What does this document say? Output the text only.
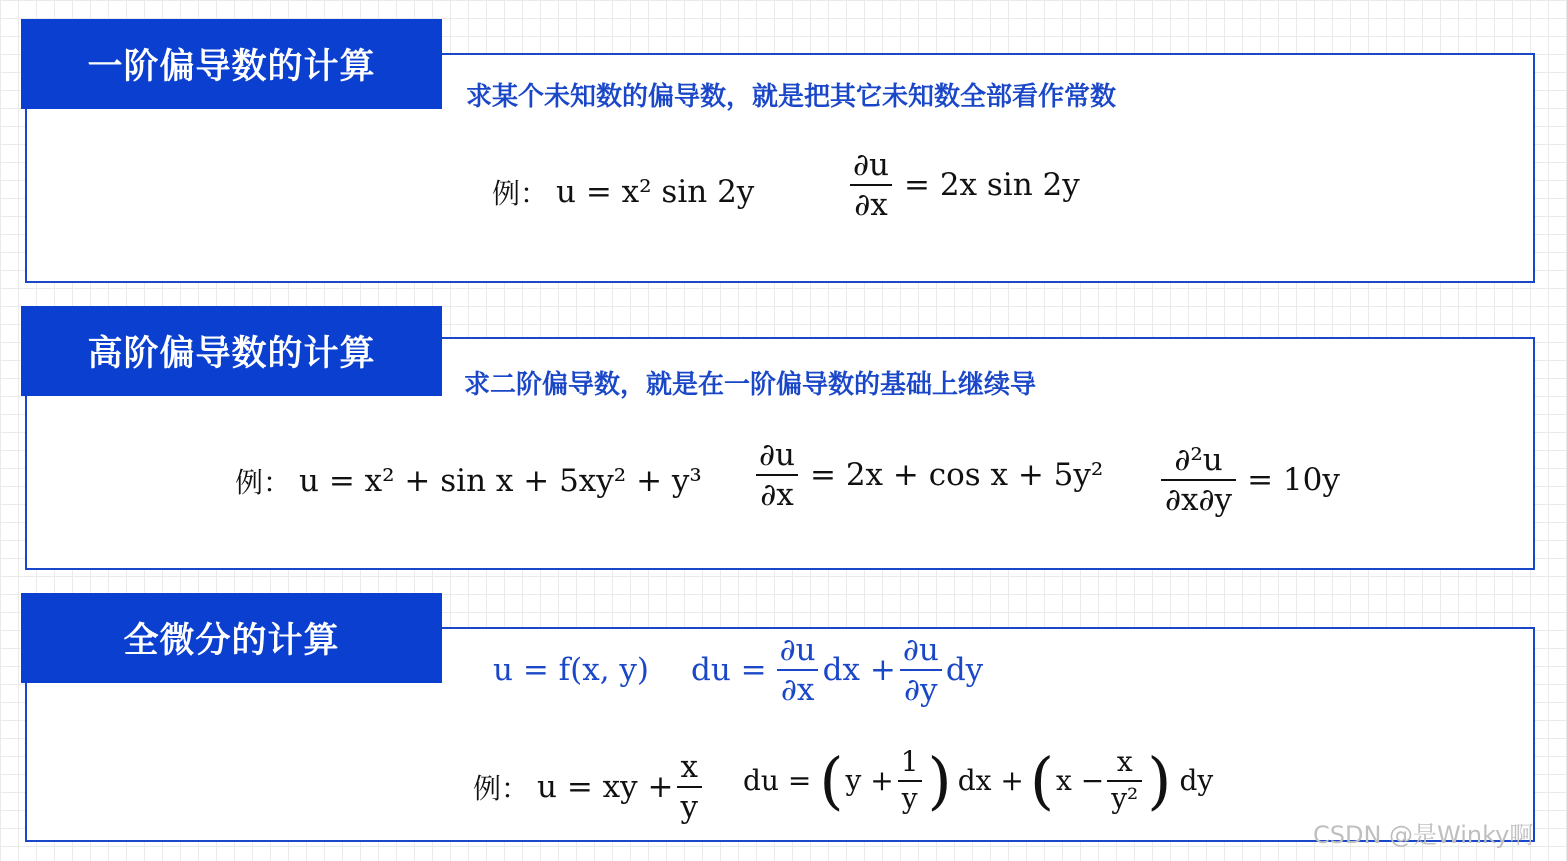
一阶偏导数的计算
求某个未知数的偏导数，就是把其它未知数全部看作常数
例： u = x² sin 2y	$\frac{\partial u}{\partial x} = 2x$ sin 2y
高阶偏导数的计算
求二阶偏导数，就是在一阶偏导数的基础上继续导
例： $u = x^2 + \sin x + 5xy^2 + y^3 \frac{\partial u}{\partial x} = 2x + \cos x + 5y^2 \frac{\text{∂²u}}{\partial x\partial y} = 10y$
全微分的计算
u = f(x, y) du = $\frac{\partial u}{\partial x}$ dx + $\frac{\partial u}{\partial y}$ dy
例： u = xy + $\frac{x}{y}$ du = ( $y + \frac{1}{y}$ ) dx + ( $x - \frac{x}{\text{y²}}$ ) dy
CSDN @是Winky啊
